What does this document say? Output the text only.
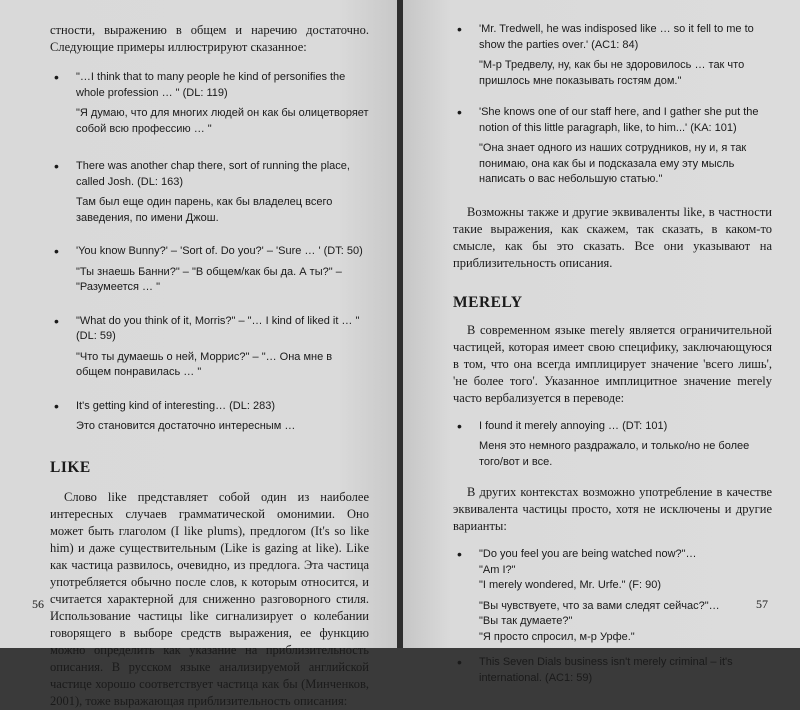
стности, выражению в общем и наречию достаточно. Следующие примеры иллюстрируют сказанное:

• "…I think that to many people he kind of personifies the whole profession … " (DL: 119)

"Я думаю, что для многих людей он как бы олицетворяет собой всю профессию … "

• There was another chap there, sort of running the place, called Josh. (DL: 163)

Там был еще один парень, как бы владелец всего заведения, по имени Джош.

• 'You know Bunny?' – 'Sort of. Do you?' – 'Sure … ' (DT: 50)

"Ты знаешь Банни?" – "В общем/как бы да. А ты?" – "Разумеется … "

• "What do you think of it, Morris?" – "… I kind of liked it … " (DL: 59)

"Что ты думаешь о ней, Моррис?" – "… Она мне в общем понравилась … "

• It's getting kind of interesting… (DL: 283)

Это становится достаточно интересным …

LIKE

Слово like представляет собой один из наиболее интересных случаев грамматической омонимии. Оно может быть глаголом (I like plums), предлогом (It's so like him) и даже существительным (Like is gazing at like). Like как частица развилось, очевидно, из предлога. Эта частица употребляется обычно после слов, к которым относится, и считается характерной для сниженно разговорного стиля. Использование частицы like сигнализирует о колебании говорящего в выборе средств выражения, ее функцию можно определить как указание на приблизительность описания. В русском языке анализируемой английской частице хорошо соответствует частица как бы (Минченков, 2001), тоже выражающая приблизительность описания:

56
• 'Mr. Tredwell, he was indisposed like … so it fell to me to show the parties over.' (AC1: 84)

"М-р Тредвелу, ну, как бы не здоровилось … так что пришлось мне показывать гостям дом."

• 'She knows one of our staff here, and I gather she put the notion of this little paragraph, like, to him...' (KA: 101)

"Она знает одного из наших сотрудников, ну и, я так понимаю, она как бы и подсказала ему эту мысль написать о вас небольшую статью."

Возможны также и другие эквиваленты like, в частности такие выражения, как скажем, так сказать, в каком-то смысле, как бы это сказать. Все они указывают на приблизительность описания.

MERELY

В современном языке merely является ограничительной частицей, которая имеет свою специфику, заключающуюся в том, что она всегда имплицирует значение 'всего лишь', 'не более того'. Указанное имплицитное значение merely часто вербализуется в переводе:

• I found it merely annoying … (DT: 101)

Меня это немного раздражало, и только/но не более того/вот и все.

В других контекстах возможно употребление в качестве эквивалента частицы просто, хотя не исключены и другие варианты:

• "Do you feel you are being watched now?"…

"Am I?"

"I merely wondered, Mr. Urfe." (F: 90)

"Вы чувствуете, что за вами следят сейчас?"…

"Вы так думаете?"

"Я просто спросил, м-р Урфе."

• This Seven Dials business isn't merely criminal – it's international. (AC1: 59)

57
